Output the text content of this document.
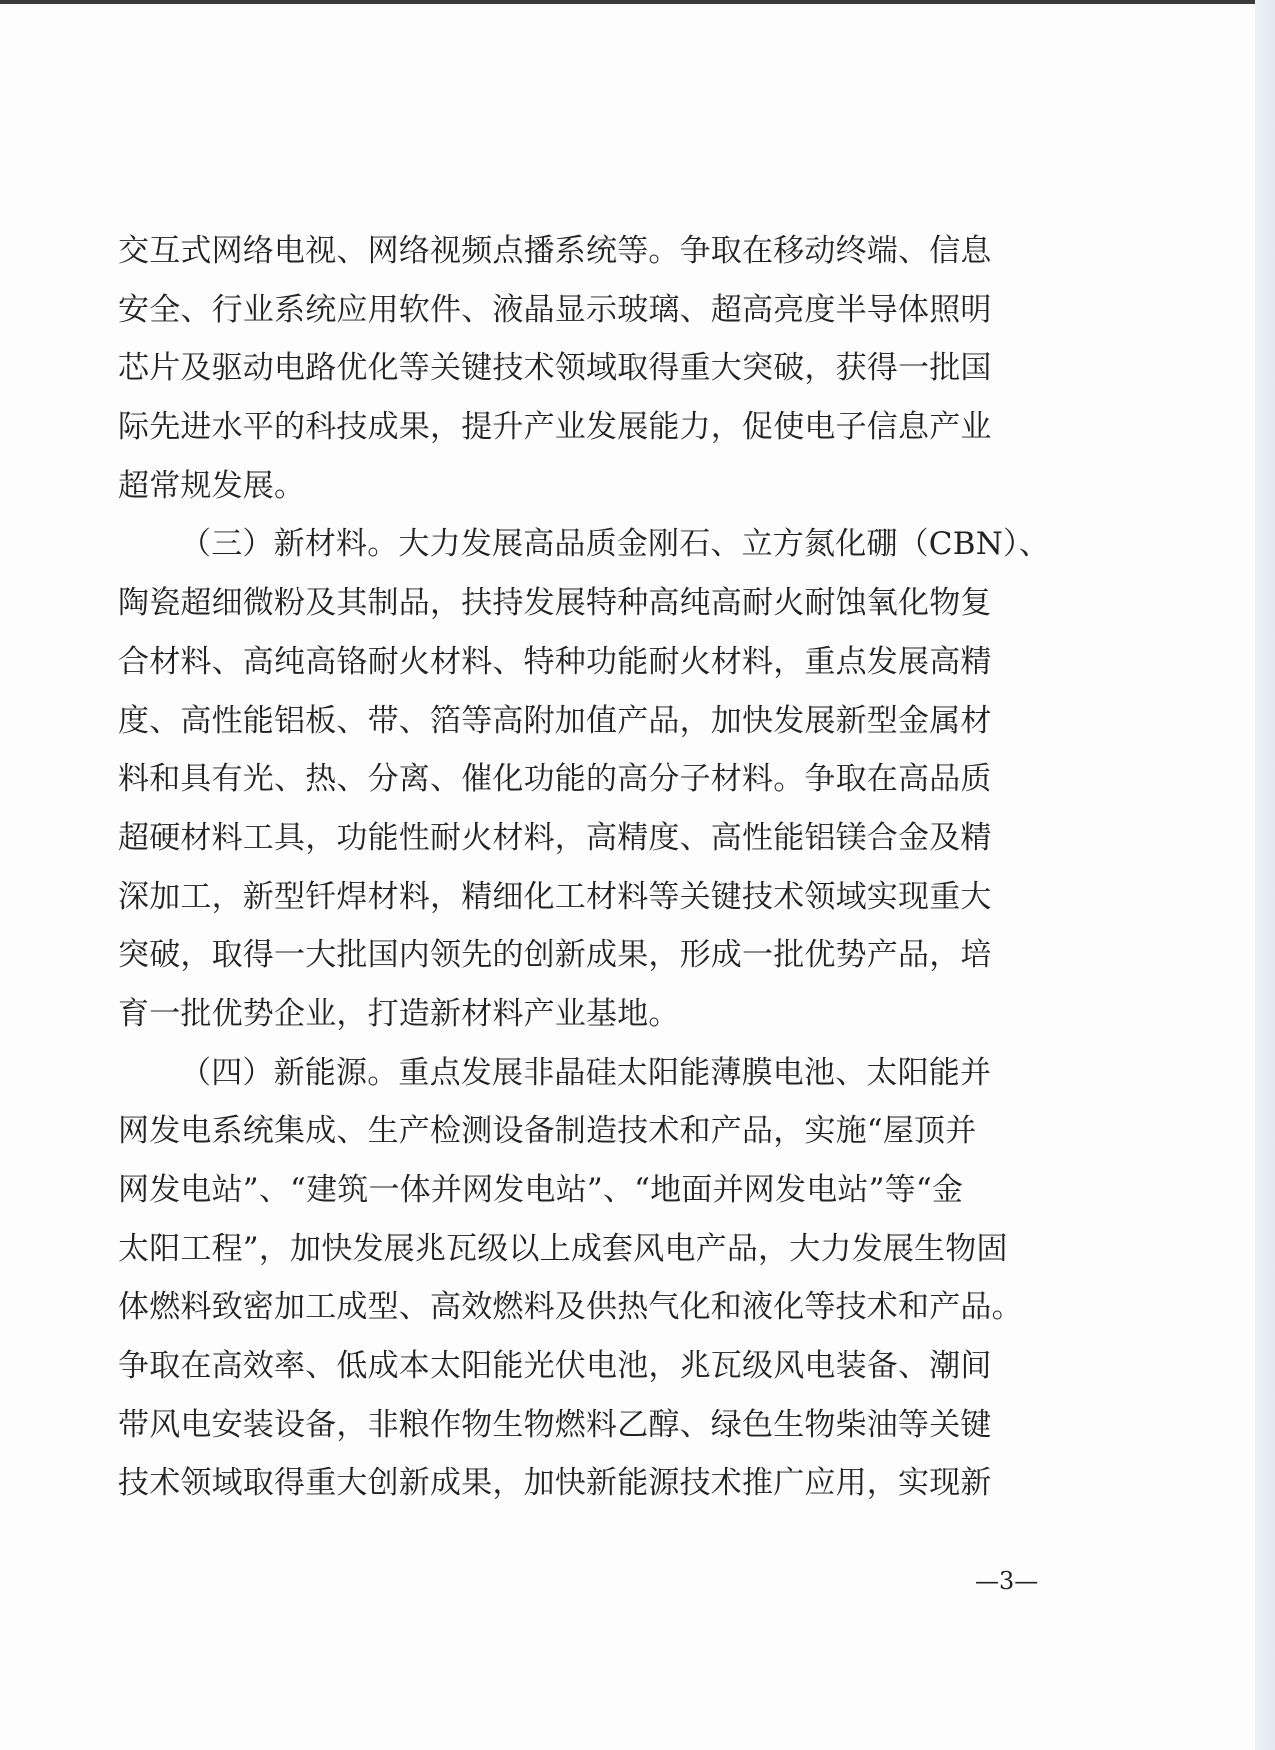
交互式网络电视、网络视频点播系统等。争取在移动终端、信息
安全、行业系统应用软件、液晶显示玻璃、超高亮度半导体照明
芯片及驱动电路优化等关键技术领域取得重大突破，获得一批国
际先进水平的科技成果，提升产业发展能力，促使电子信息产业
超常规发展。
（三）新材料。大力发展高品质金刚石、立方氮化硼（CBN）、
陶瓷超细微粉及其制品，扶持发展特种高纯高耐火耐蚀氧化物复
合材料、高纯高铬耐火材料、特种功能耐火材料，重点发展高精
度、高性能铝板、带、箔等高附加值产品，加快发展新型金属材
料和具有光、热、分离、催化功能的高分子材料。争取在高品质
超硬材料工具，功能性耐火材料，高精度、高性能铝镁合金及精
深加工，新型钎焊材料，精细化工材料等关键技术领域实现重大
突破，取得一大批国内领先的创新成果，形成一批优势产品，培
育一批优势企业，打造新材料产业基地。
（四）新能源。重点发展非晶硅太阳能薄膜电池、太阳能并
网发电系统集成、生产检测设备制造技术和产品，实施“屋顶并
网发电站”、“建筑一体并网发电站”、“地面并网发电站”等“金
太阳工程”，加快发展兆瓦级以上成套风电产品，大力发展生物固
体燃料致密加工成型、高效燃料及供热气化和液化等技术和产品。
争取在高效率、低成本太阳能光伏电池，兆瓦级风电装备、潮间
带风电安装设备，非粮作物生物燃料乙醇、绿色生物柴油等关键
技术领域取得重大创新成果，加快新能源技术推广应用，实现新
—3—
